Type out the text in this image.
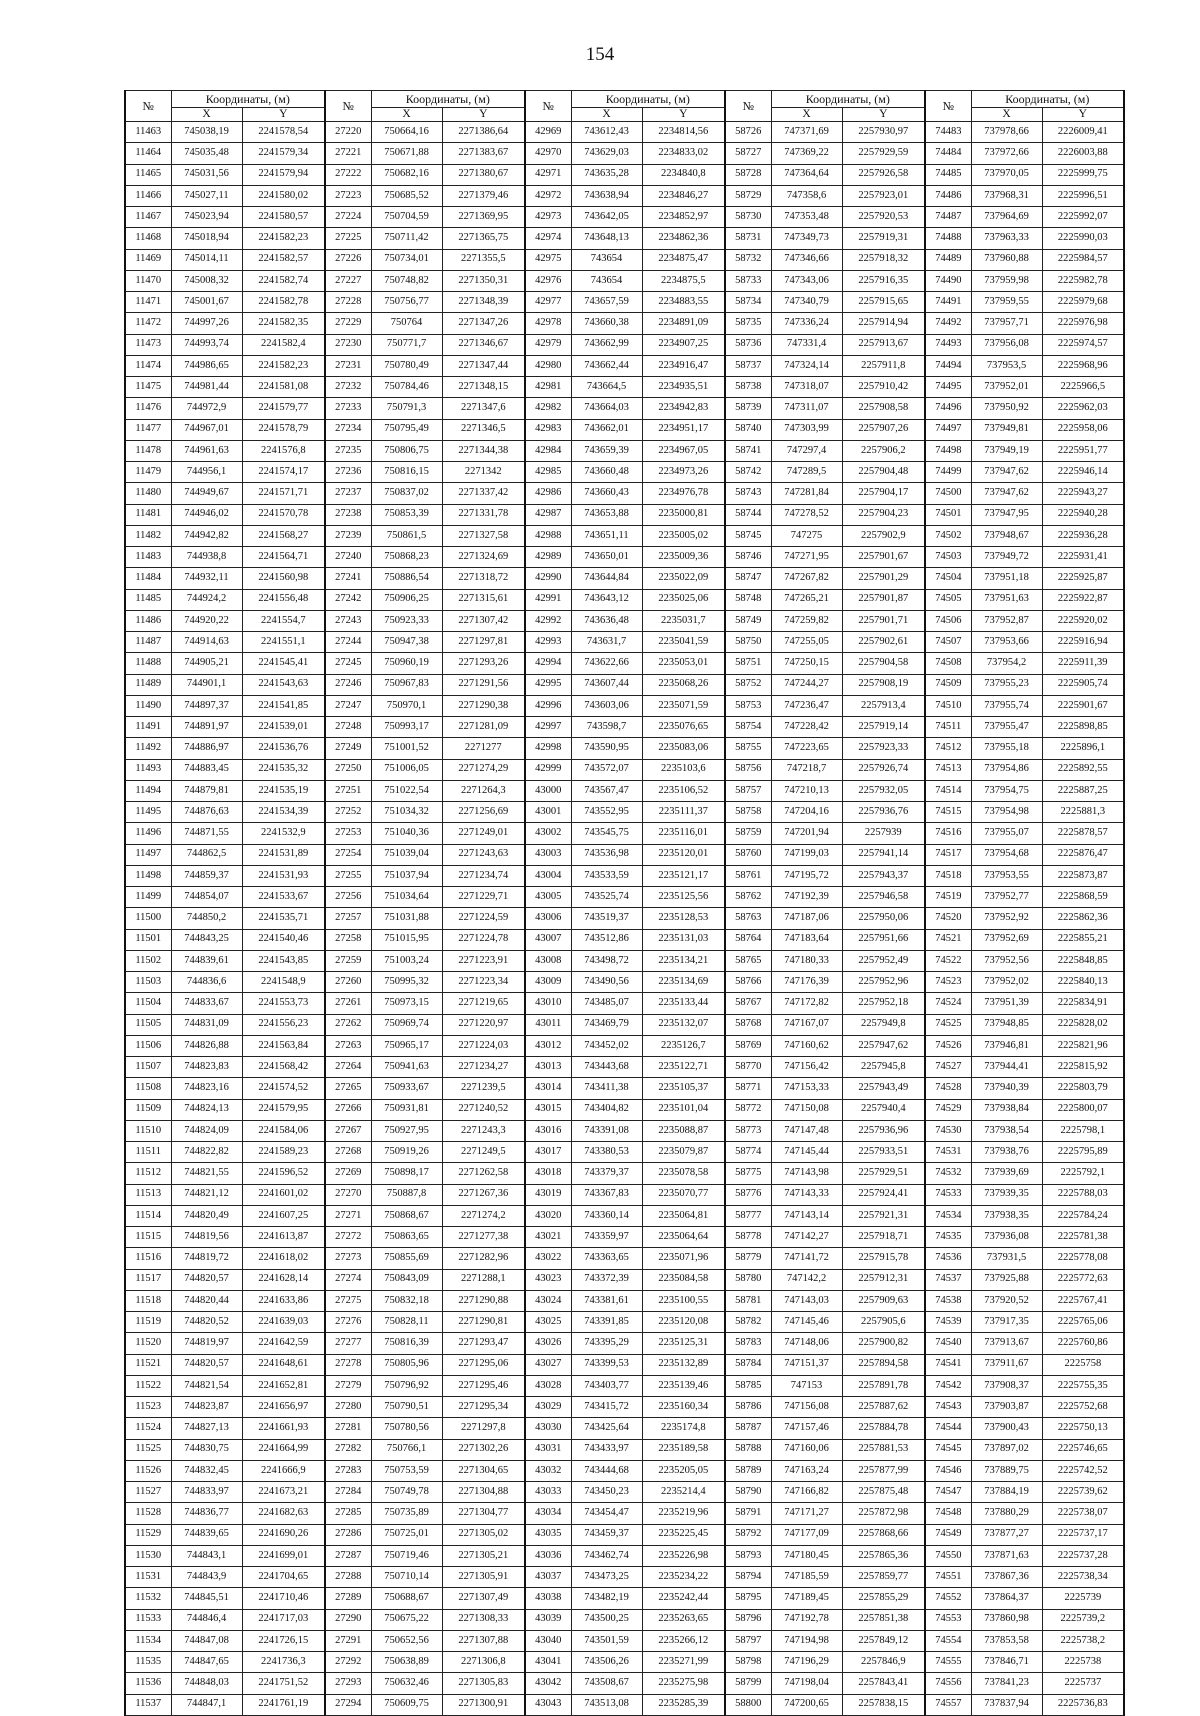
154
№	Координаты, (м)		№	Координаты, (м)		№	Координаты, (м)		№	Координаты, (м)		№	Координаты, (м)	
	X	Y		X	Y		X	Y		X	Y		X	Y
11463	745038,19	2241578,54	27220	750664,16	2271386,64	42969	743612,43	2234814,56	58726	747371,69	2257930,97	74483	737978,66	2226009,41
11464	745035,48	2241579,34	27221	750671,88	2271383,67	42970	743629,03	2234833,02	58727	747369,22	2257929,59	74484	737972,66	2226003,88
11465	745031,56	2241579,94	27222	750682,16	2271380,67	42971	743635,28	2234840,8	58728	747364,64	2257926,58	74485	737970,05	2225999,75
11466	745027,11	2241580,02	27223	750685,52	2271379,46	42972	743638,94	2234846,27	58729	747358,6	2257923,01	74486	737968,31	2225996,51
11467	745023,94	2241580,57	27224	750704,59	2271369,95	42973	743642,05	2234852,97	58730	747353,48	2257920,53	74487	737964,69	2225992,07
11468	745018,94	2241582,23	27225	750711,42	2271365,75	42974	743648,13	2234862,36	58731	747349,73	2257919,31	74488	737963,33	2225990,03
11469	745014,11	2241582,57	27226	750734,01	2271355,5	42975	743654	2234875,47	58732	747346,66	2257918,32	74489	737960,88	2225984,57
11470	745008,32	2241582,74	27227	750748,82	2271350,31	42976	743654	2234875,5	58733	747343,06	2257916,35	74490	737959,98	2225982,78
11471	745001,67	2241582,78	27228	750756,77	2271348,39	42977	743657,59	2234883,55	58734	747340,79	2257915,65	74491	737959,55	2225979,68
11472	744997,26	2241582,35	27229	750764	2271347,26	42978	743660,38	2234891,09	58735	747336,24	2257914,94	74492	737957,71	2225976,98
11473	744993,74	2241582,4	27230	750771,7	2271346,67	42979	743662,99	2234907,25	58736	747331,4	2257913,67	74493	737956,08	2225974,57
11474	744986,65	2241582,23	27231	750780,49	2271347,44	42980	743662,44	2234916,47	58737	747324,14	2257911,8	74494	737953,5	2225968,96
11475	744981,44	2241581,08	27232	750784,46	2271348,15	42981	743664,5	2234935,51	58738	747318,07	2257910,42	74495	737952,01	2225966,5
11476	744972,9	2241579,77	27233	750791,3	2271347,6	42982	743664,03	2234942,83	58739	747311,07	2257908,58	74496	737950,92	2225962,03
11477	744967,01	2241578,79	27234	750795,49	2271346,5	42983	743662,01	2234951,17	58740	747303,99	2257907,26	74497	737949,81	2225958,06
11478	744961,63	2241576,8	27235	750806,75	2271344,38	42984	743659,39	2234967,05	58741	747297,4	2257906,2	74498	737949,19	2225951,77
11479	744956,1	2241574,17	27236	750816,15	2271342	42985	743660,48	2234973,26	58742	747289,5	2257904,48	74499	737947,62	2225946,14
11480	744949,67	2241571,71	27237	750837,02	2271337,42	42986	743660,43	2234976,78	58743	747281,84	2257904,17	74500	737947,62	2225943,27
11481	744946,02	2241570,78	27238	750853,39	2271331,78	42987	743653,88	2235000,81	58744	747278,52	2257904,23	74501	737947,95	2225940,28
11482	744942,82	2241568,27	27239	750861,5	2271327,58	42988	743651,11	2235005,02	58745	747275	2257902,9	74502	737948,67	2225936,28
11483	744938,8	2241564,71	27240	750868,23	2271324,69	42989	743650,01	2235009,36	58746	747271,95	2257901,67	74503	737949,72	2225931,41
11484	744932,11	2241560,98	27241	750886,54	2271318,72	42990	743644,84	2235022,09	58747	747267,82	2257901,29	74504	737951,18	2225925,87
11485	744924,2	2241556,48	27242	750906,25	2271315,61	42991	743643,12	2235025,06	58748	747265,21	2257901,87	74505	737951,63	2225922,87
11486	744920,22	2241554,7	27243	750923,33	2271307,42	42992	743636,48	2235031,7	58749	747259,82	2257901,71	74506	737952,87	2225920,02
11487	744914,63	2241551,1	27244	750947,38	2271297,81	42993	743631,7	2235041,59	58750	747255,05	2257902,61	74507	737953,66	2225916,94
11488	744905,21	2241545,41	27245	750960,19	2271293,26	42994	743622,66	2235053,01	58751	747250,15	2257904,58	74508	737954,2	2225911,39
11489	744901,1	2241543,63	27246	750967,83	2271291,56	42995	743607,44	2235068,26	58752	747244,27	2257908,19	74509	737955,23	2225905,74
11490	744897,37	2241541,85	27247	750970,1	2271290,38	42996	743603,06	2235071,59	58753	747236,47	2257913,4	74510	737955,74	2225901,67
11491	744891,97	2241539,01	27248	750993,17	2271281,09	42997	743598,7	2235076,65	58754	747228,42	2257919,14	74511	737955,47	2225898,85
11492	744886,97	2241536,76	27249	751001,52	2271277	42998	743590,95	2235083,06	58755	747223,65	2257923,33	74512	737955,18	2225896,1
11493	744883,45	2241535,32	27250	751006,05	2271274,29	42999	743572,07	2235103,6	58756	747218,7	2257926,74	74513	737954,86	2225892,55
11494	744879,81	2241535,19	27251	751022,54	2271264,3	43000	743567,47	2235106,52	58757	747210,13	2257932,05	74514	737954,75	2225887,25
11495	744876,63	2241534,39	27252	751034,32	2271256,69	43001	743552,95	2235111,37	58758	747204,16	2257936,76	74515	737954,98	2225881,3
11496	744871,55	2241532,9	27253	751040,36	2271249,01	43002	743545,75	2235116,01	58759	747201,94	2257939	74516	737955,07	2225878,57
11497	744862,5	2241531,89	27254	751039,04	2271243,63	43003	743536,98	2235120,01	58760	747199,03	2257941,14	74517	737954,68	2225876,47
11498	744859,37	2241531,93	27255	751037,94	2271234,74	43004	743533,59	2235121,17	58761	747195,72	2257943,37	74518	737953,55	2225873,87
11499	744854,07	2241533,67	27256	751034,64	2271229,71	43005	743525,74	2235125,56	58762	747192,39	2257946,58	74519	737952,77	2225868,59
11500	744850,2	2241535,71	27257	751031,88	2271224,59	43006	743519,37	2235128,53	58763	747187,06	2257950,06	74520	737952,92	2225862,36
11501	744843,25	2241540,46	27258	751015,95	2271224,78	43007	743512,86	2235131,03	58764	747183,64	2257951,66	74521	737952,69	2225855,21
11502	744839,61	2241543,85	27259	751003,24	2271223,91	43008	743498,72	2235134,21	58765	747180,33	2257952,49	74522	737952,56	2225848,85
11503	744836,6	2241548,9	27260	750995,32	2271223,34	43009	743490,56	2235134,69	58766	747176,39	2257952,96	74523	737952,02	2225840,13
11504	744833,67	2241553,73	27261	750973,15	2271219,65	43010	743485,07	2235133,44	58767	747172,82	2257952,18	74524	737951,39	2225834,91
11505	744831,09	2241556,23	27262	750969,74	2271220,97	43011	743469,79	2235132,07	58768	747167,07	2257949,8	74525	737948,85	2225828,02
11506	744826,88	2241563,84	27263	750965,17	2271224,03	43012	743452,02	2235126,7	58769	747160,62	2257947,62	74526	737946,81	2225821,96
11507	744823,83	2241568,42	27264	750941,63	2271234,27	43013	743443,68	2235122,71	58770	747156,42	2257945,8	74527	737944,41	2225815,92
11508	744823,16	2241574,52	27265	750933,67	2271239,5	43014	743411,38	2235105,37	58771	747153,33	2257943,49	74528	737940,39	2225803,79
11509	744824,13	2241579,95	27266	750931,81	2271240,52	43015	743404,82	2235101,04	58772	747150,08	2257940,4	74529	737938,84	2225800,07
11510	744824,09	2241584,06	27267	750927,95	2271243,3	43016	743391,08	2235088,87	58773	747147,48	2257936,96	74530	737938,54	2225798,1
11511	744822,82	2241589,23	27268	750919,26	2271249,5	43017	743380,53	2235079,87	58774	747145,44	2257933,51	74531	737938,76	2225795,89
11512	744821,55	2241596,52	27269	750898,17	2271262,58	43018	743379,37	2235078,58	58775	747143,98	2257929,51	74532	737939,69	2225792,1
11513	744821,12	2241601,02	27270	750887,8	2271267,36	43019	743367,83	2235070,77	58776	747143,33	2257924,41	74533	737939,35	2225788,03
11514	744820,49	2241607,25	27271	750868,67	2271274,2	43020	743360,14	2235064,81	58777	747143,14	2257921,31	74534	737938,35	2225784,24
11515	744819,56	2241613,87	27272	750863,65	2271277,38	43021	743359,97	2235064,64	58778	747142,27	2257918,71	74535	737936,08	2225781,38
11516	744819,72	2241618,02	27273	750855,69	2271282,96	43022	743363,65	2235071,96	58779	747141,72	2257915,78	74536	737931,5	2225778,08
11517	744820,57	2241628,14	27274	750843,09	2271288,1	43023	743372,39	2235084,58	58780	747142,2	2257912,31	74537	737925,88	2225772,63
11518	744820,44	2241633,86	27275	750832,18	2271290,88	43024	743381,61	2235100,55	58781	747143,03	2257909,63	74538	737920,52	2225767,41
11519	744820,52	2241639,03	27276	750828,11	2271290,81	43025	743391,85	2235120,08	58782	747145,46	2257905,6	74539	737917,35	2225765,06
11520	744819,97	2241642,59	27277	750816,39	2271293,47	43026	743395,29	2235125,31	58783	747148,06	2257900,82	74540	737913,67	2225760,86
11521	744820,57	2241648,61	27278	750805,96	2271295,06	43027	743399,53	2235132,89	58784	747151,37	2257894,58	74541	737911,67	2225758
11522	744821,54	2241652,81	27279	750796,92	2271295,46	43028	743403,77	2235139,46	58785	747153	2257891,78	74542	737908,37	2225755,35
11523	744823,87	2241656,97	27280	750790,51	2271295,34	43029	743415,72	2235160,34	58786	747156,08	2257887,62	74543	737903,87	2225752,68
11524	744827,13	2241661,93	27281	750780,56	2271297,8	43030	743425,64	2235174,8	58787	747157,46	2257884,78	74544	737900,43	2225750,13
11525	744830,75	2241664,99	27282	750766,1	2271302,26	43031	743433,97	2235189,58	58788	747160,06	2257881,53	74545	737897,02	2225746,65
11526	744832,45	2241666,9	27283	750753,59	2271304,65	43032	743444,68	2235205,05	58789	747163,24	2257877,99	74546	737889,75	2225742,52
11527	744833,97	2241673,21	27284	750749,78	2271304,88	43033	743450,23	2235214,4	58790	747166,82	2257875,48	74547	737884,19	2225739,62
11528	744836,77	2241682,63	27285	750735,89	2271304,77	43034	743454,47	2235219,96	58791	747171,27	2257872,98	74548	737880,29	2225738,07
11529	744839,65	2241690,26	27286	750725,01	2271305,02	43035	743459,37	2235225,45	58792	747177,09	2257868,66	74549	737877,27	2225737,17
11530	744843,1	2241699,01	27287	750719,46	2271305,21	43036	743462,74	2235226,98	58793	747180,45	2257865,36	74550	737871,63	2225737,28
11531	744843,9	2241704,65	27288	750710,14	2271305,91	43037	743473,25	2235234,22	58794	747185,59	2257859,77	74551	737867,36	2225738,34
11532	744845,51	2241710,46	27289	750688,67	2271307,49	43038	743482,19	2235242,44	58795	747189,45	2257855,29	74552	737864,37	2225739
11533	744846,4	2241717,03	27290	750675,22	2271308,33	43039	743500,25	2235263,65	58796	747192,78	2257851,38	74553	737860,98	2225739,2
11534	744847,08	2241726,15	27291	750652,56	2271307,88	43040	743501,59	2235266,12	58797	747194,98	2257849,12	74554	737853,58	2225738,2
11535	744847,65	2241736,3	27292	750638,89	2271306,8	43041	743506,26	2235271,99	58798	747196,29	2257846,9	74555	737846,71	2225738
11536	744848,03	2241751,52	27293	750632,46	2271305,83	43042	743508,67	2235275,98	58799	747198,04	2257843,41	74556	737841,23	2225737
11537	744847,1	2241761,19	27294	750609,75	2271300,91	43043	743513,08	2235285,39	58800	747200,65	2257838,15	74557	737837,94	2225736,83
